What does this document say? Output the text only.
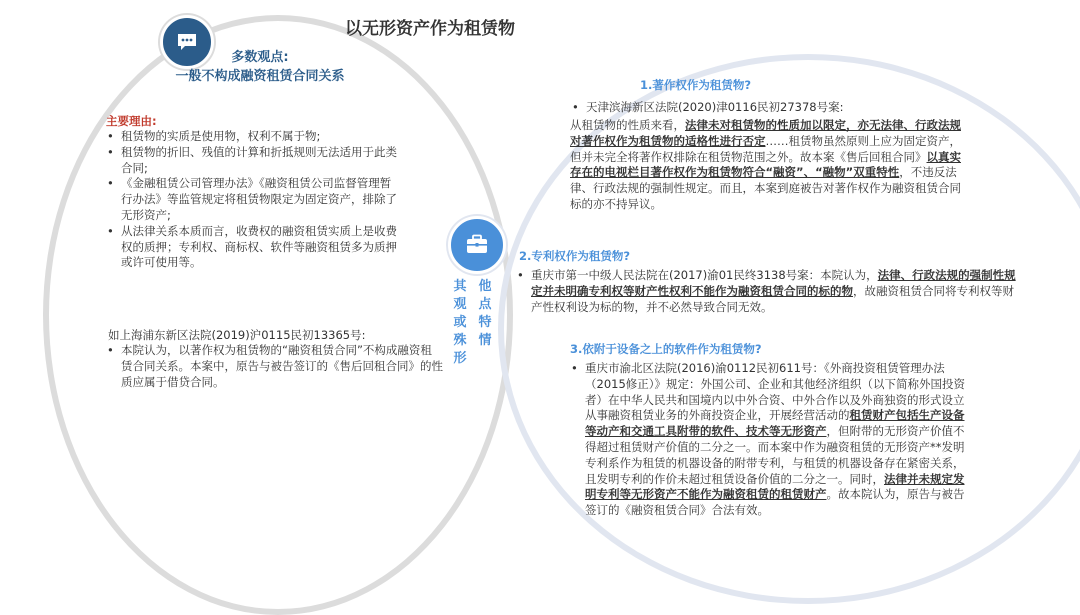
以无形资产作为租赁物
多数观点:
一般不构成融资租赁合同关系
主要理由:
• 租赁物的实质是使用物，权利不属于物;
• 租赁物的折旧、残值的计算和折抵规则无法适用于此类合同;
• 《金融租赁公司管理办法》《融资租赁公司监督管理暂行办法》等监管规定将租赁物限定为固定资产，排除了无形资产;
• 从法律关系本质而言，收费权的融资租赁实质上是收费权的质押；专利权、商标权、软件等融资租赁多为质押或许可使用等。
如上海浦东新区法院(2019)沪0115民初13365号:
• 本院认为，以著作权为租赁物的“融资租赁合同”不构成融资租赁合同关系。本案中，原告与被告签订的《售后回租合同》的性质应属于借贷合同。
其观或殊形
他点特情
1.著作权作为租赁物?
• 天津滨海新区法院(2020)津0116民初27378号案:
从租赁物的性质来看，法律未对租赁物的性质加以限定，亦无法律、行政法规对著作权作为租赁物的适格性进行否定……租赁物虽然原则上应为固定资产，但并未完全将著作权排除在租赁物范围之外。故本案《售后回租合同》以真实存在的电视栏目著作权作为租赁物符合“融资”、“融物”双重特性，不违反法律、行政法规的强制性规定。而且，本案到庭被告对著作权作为融资租赁合同标的亦不持异议。
2.专利权作为租赁物?
• 重庆市第一中级人民法院在(2017)渝01民终3138号案：本院认为，法律、行政法规的强制性规定并未明确专利权等财产性权利不能作为融资租赁合同的标的物，故融资租赁合同将专利权等财产性权利设为标的物，并不必然导致合同无效。
3.依附于设备之上的软件作为租赁物?
• 重庆市渝北区法院(2016)渝0112民初611号：《外商投资租赁管理办法（2015修正）》规定：外国公司、企业和其他经济组织（以下简称外国投资者）在中华人民共和国境内以中外合资、中外合作以及外商独资的形式设立从事融资租赁业务的外商投资企业，开展经营活动的租赁财产包括生产设备等动产和交通工具附带的软件、技术等无形资产，但附带的无形资产价值不得超过租赁财产价值的二分之一。而本案中作为融资租赁的无形资产**发明专利系作为租赁的机器设备的附带专利，与租赁的机器设备存在紧密关系，且发明专利的作价未超过租赁设备价值的二分之一。同时，法律并未规定发明专利等无形资产不能作为融资租赁的租赁财产。故本院认为，原告与被告签订的《融资租赁合同》合法有效。
